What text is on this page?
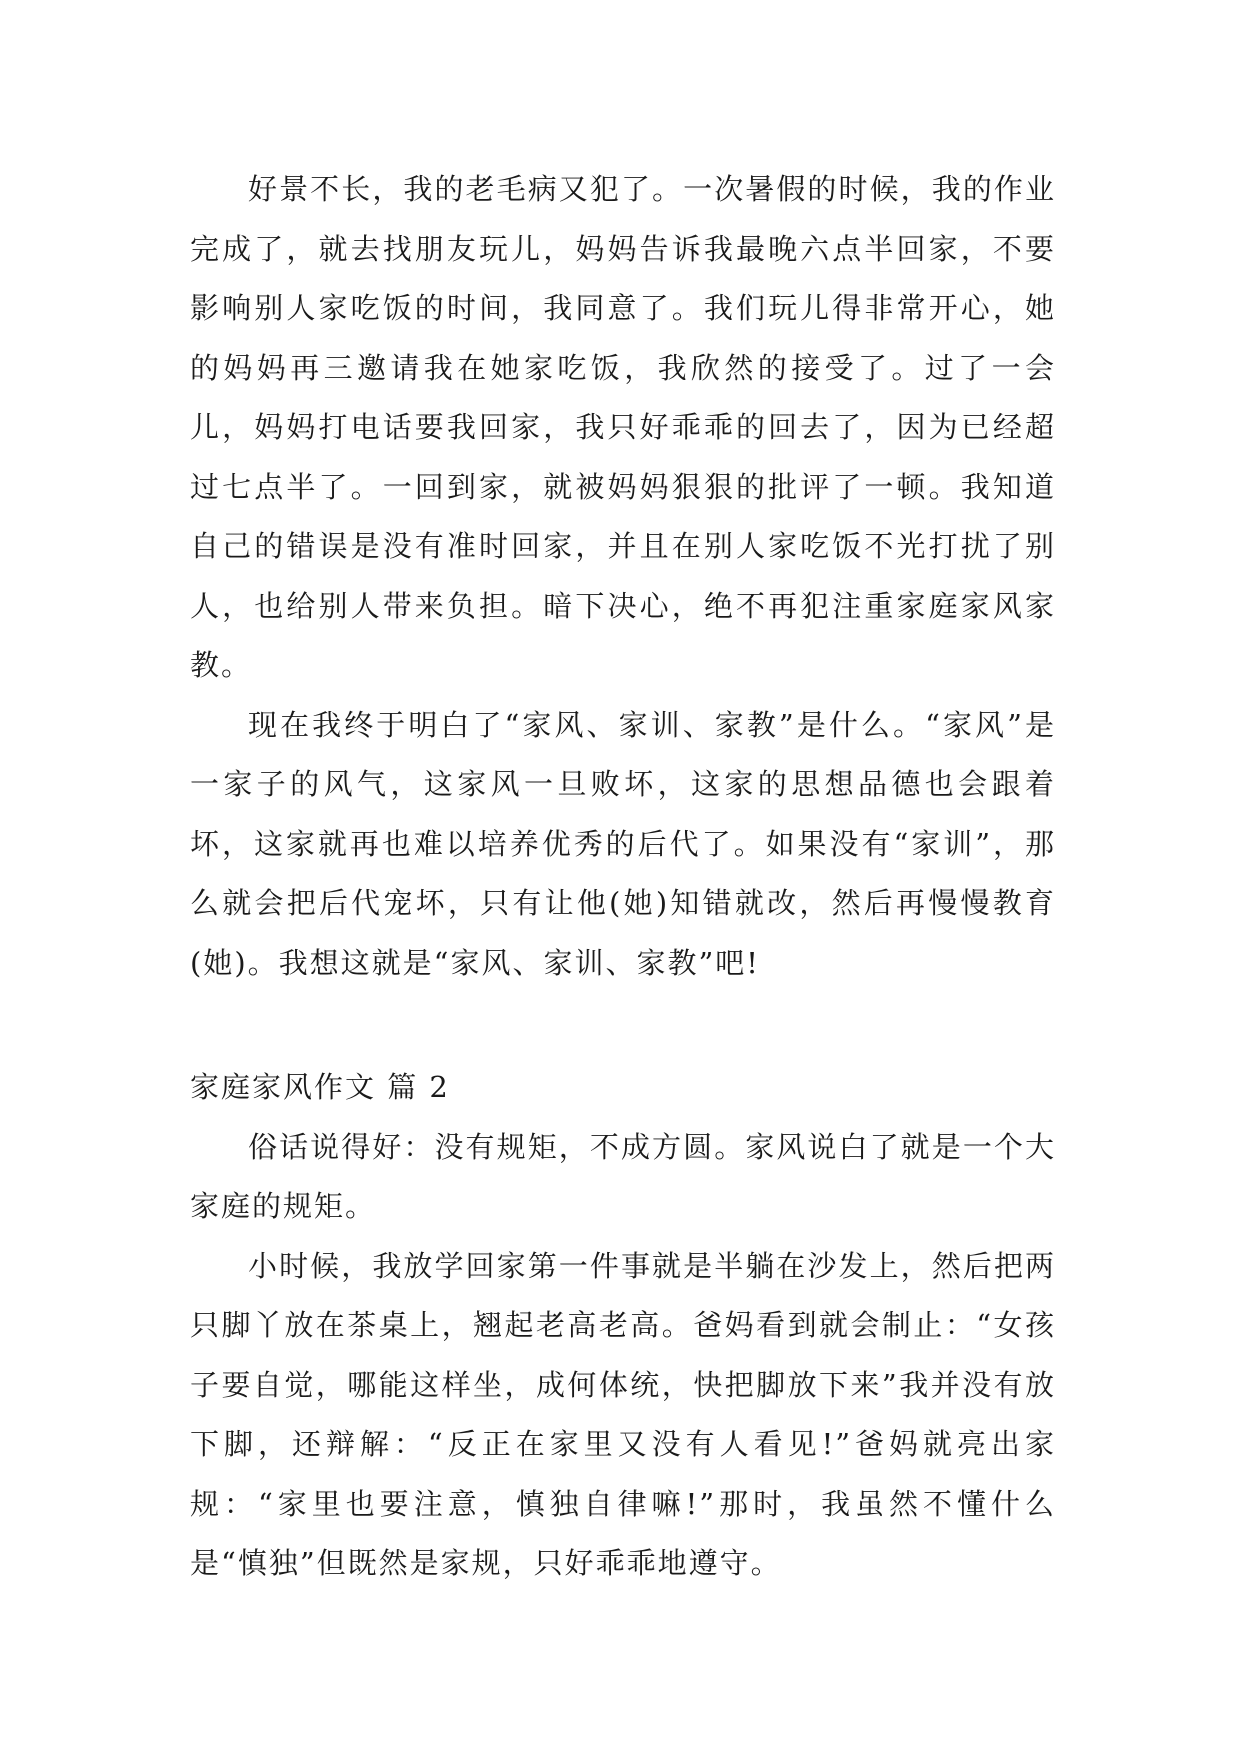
好景不长，我的老毛病又犯了。一次暑假的时候，我的作业完成了，就去找朋友玩儿，妈妈告诉我最晚六点半回家，不要影响别人家吃饭的时间，我同意了。我们玩儿得非常开心，她的妈妈再三邀请我在她家吃饭，我欣然的接受了。过了一会儿，妈妈打电话要我回家，我只好乖乖的回去了，因为已经超过七点半了。一回到家，就被妈妈狠狠的批评了一顿。我知道自己的错误是没有准时回家，并且在别人家吃饭不光打扰了别人，也给别人带来负担。暗下决心，绝不再犯注重家庭家风家教。

现在我终于明白了“家风、家训、家教”是什么。“家风”是一家子的风气，这家风一旦败坏，这家的思想品德也会跟着坏，这家就再也难以培养优秀的后代了。如果没有“家训”，那么就会把后代宠坏，只有让他(她)知错就改，然后再慢慢教育(她)。我想这就是“家风、家训、家教”吧!

家庭家风作文 篇 2

俗话说得好：没有规矩，不成方圆。家风说白了就是一个大家庭的规矩。

小时候，我放学回家第一件事就是半躺在沙发上，然后把两只脚丫放在茶桌上，翘起老高老高。爸妈看到就会制止：“女孩子要自觉，哪能这样坐，成何体统，快把脚放下来”我并没有放下脚，还辩解：“反正在家里又没有人看见!”爸妈就亮出家规：“家里也要注意，慎独自律嘛!”那时，我虽然不懂什么是“慎独”但既然是家规，只好乖乖地遵守。
